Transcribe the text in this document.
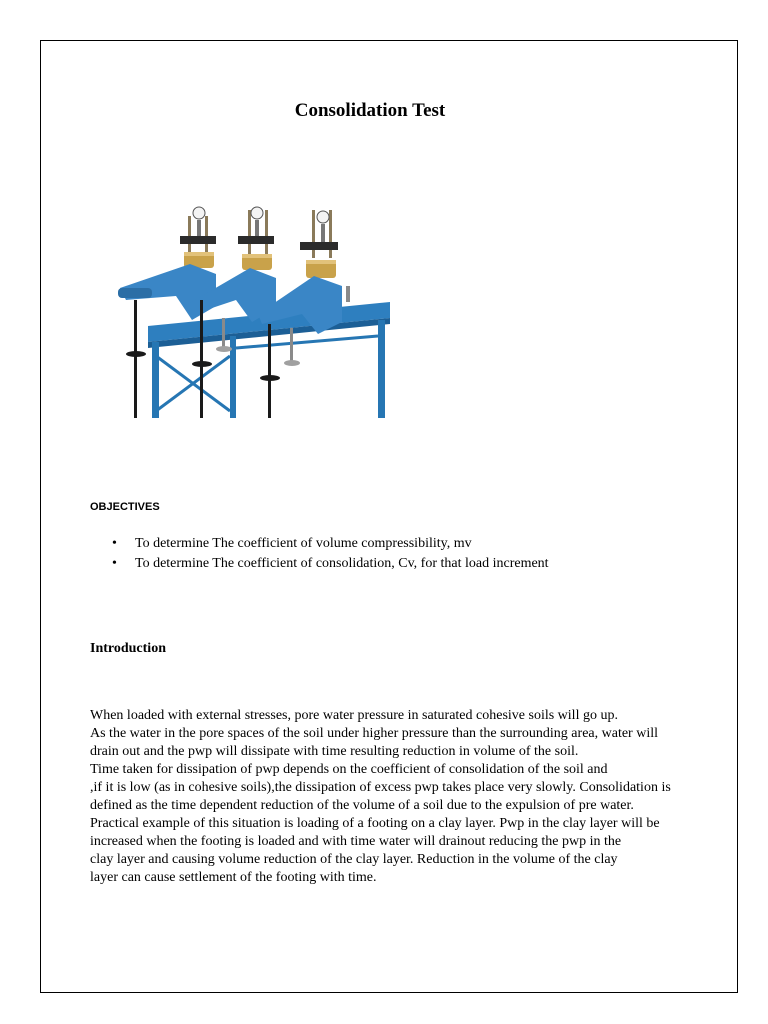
Consolidation Test
OBJECTIVES
• To determine The coefficient of volume compressibility, mv
• To determine The coefficient of consolidation, Cv, for that load increment
Introduction
When loaded with external stresses, pore water pressure in saturated cohesive soils will go up.
As the water in the pore spaces of the soil under higher pressure than the surrounding area, water will
drain out and the pwp will dissipate with time resulting reduction in volume of the soil.
Time taken for dissipation of pwp depends on the coefficient of consolidation of the soil and
,if it is low (as in cohesive soils),the dissipation of excess pwp takes place very slowly. Consolidation is
defined as the time dependent reduction of the volume of a soil due to the expulsion of pre water.
Practical example of this situation is loading of a footing on a clay layer. Pwp in the clay layer will be
increased when the footing is loaded and with time water will drainout reducing the pwp in the
clay layer and causing volume reduction of the clay layer. Reduction in the volume of the clay
layer can cause settlement of the footing with time.
